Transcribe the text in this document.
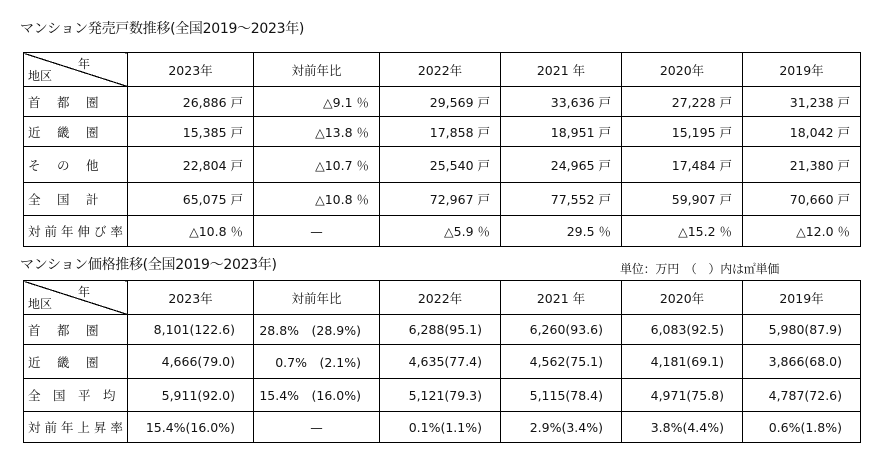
マンション発売戸数推移(全国2019〜2023年)
年
地区	2023年	対前年比	2022年	2021 年	2020年	2019年
首　 都 　圏	26,886 戸	△9.1 ％	29,569 戸	33,636 戸	27,228 戸	31,238 戸
近 　畿 　圏	15,385 戸	△13.8 ％	17,858 戸	18,951 戸	15,195 戸	18,042 戸
そ　 の 　他	22,804 戸	△10.7 ％	25,540 戸	24,965 戸	17,484 戸	21,380 戸
全 　国 　計	65,075 戸	△10.8 ％	72,967 戸	77,552 戸	59,907 戸	70,660 戸
対 前 年 伸 び 率	△10.8 ％	—	△5.9 ％	29.5 ％	△15.2 ％	△12.0 ％
マンション価格推移(全国2019〜2023年)	単位：万円　（　）内は㎡単価
年
地区	2023年	対前年比	2022年	2021 年	2020年	2019年
首 　都 　圏	8,101(122.6)	28.8%　(28.9%)	6,288(95.1)	6,260(93.6)	6,083(92.5)	5,980(87.9)
近 　畿 　圏	4,666(79.0)	0.7%　(2.1%)	4,635(77.4)	4,562(75.1)	4,181(69.1)	3,866(68.0)
全　国　平　均	5,911(92.0)	15.4%　(16.0%)	5,121(79.3)	5,115(78.4)	4,971(75.8)	4,787(72.6)
対 前 年 上 昇 率	15.4%(16.0%)	—	0.1%(1.1%)	2.9%(3.4%)	3.8%(4.4%)	0.6%(1.8%)
